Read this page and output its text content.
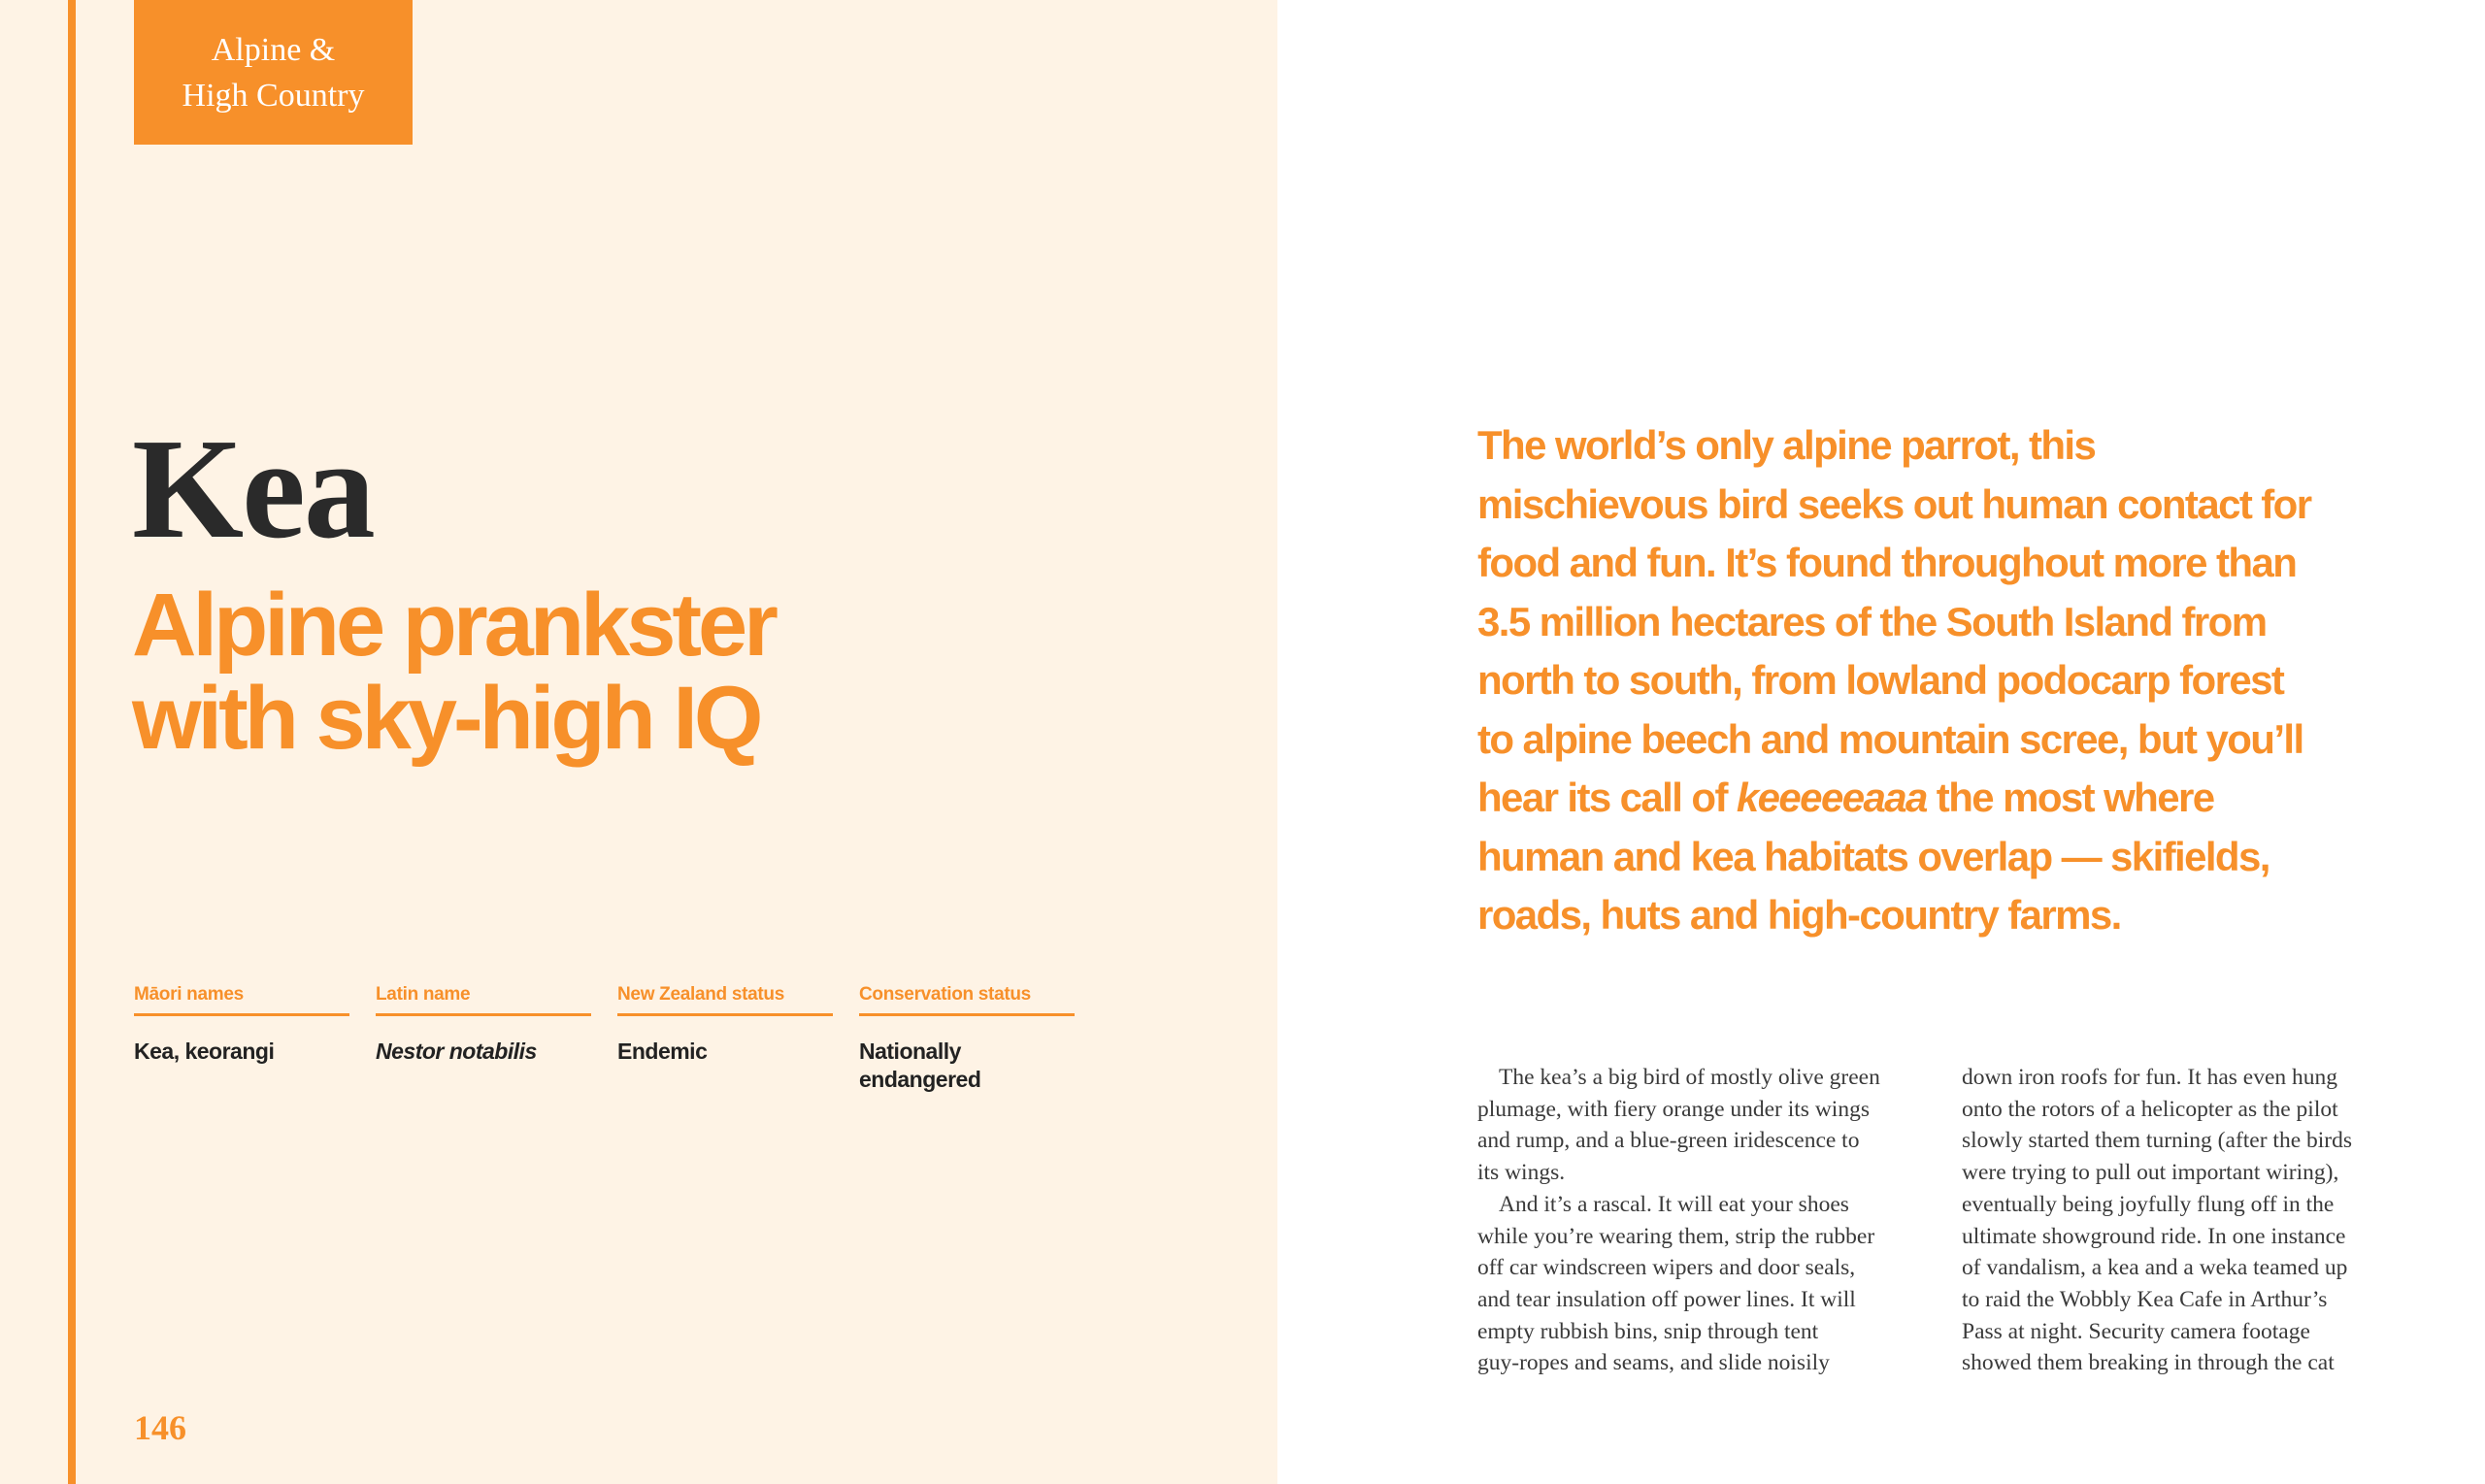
Alpine &
High Country
Kea
Alpine prankster
with sky-high IQ
Māori names
Kea, keorangi
Latin name
Nestor notabilis
New Zealand status
Endemic
Conservation status
Nationally
endangered
146
The world’s only alpine parrot, this
mischievous bird seeks out human contact for
food and fun. It’s found throughout more than
3.5 million hectares of the South Island from
north to south, from lowland podocarp forest
to alpine beech and mountain scree, but you’ll
hear its call of keeeeeaaa the most where
human and kea habitats overlap — skifields,
roads, huts and high-country farms.
The kea’s a big bird of mostly olive green
plumage, with fiery orange under its wings
and rump, and a blue-green iridescence to
its wings.
And it’s a rascal. It will eat your shoes
while you’re wearing them, strip the rubber
off car windscreen wipers and door seals,
and tear insulation off power lines. It will
empty rubbish bins, snip through tent
guy-ropes and seams, and slide noisily
down iron roofs for fun. It has even hung
onto the rotors of a helicopter as the pilot
slowly started them turning (after the birds
were trying to pull out important wiring),
eventually being joyfully flung off in the
ultimate showground ride. In one instance
of vandalism, a kea and a weka teamed up
to raid the Wobbly Kea Cafe in Arthur’s
Pass at night. Security camera footage
showed them breaking in through the cat
